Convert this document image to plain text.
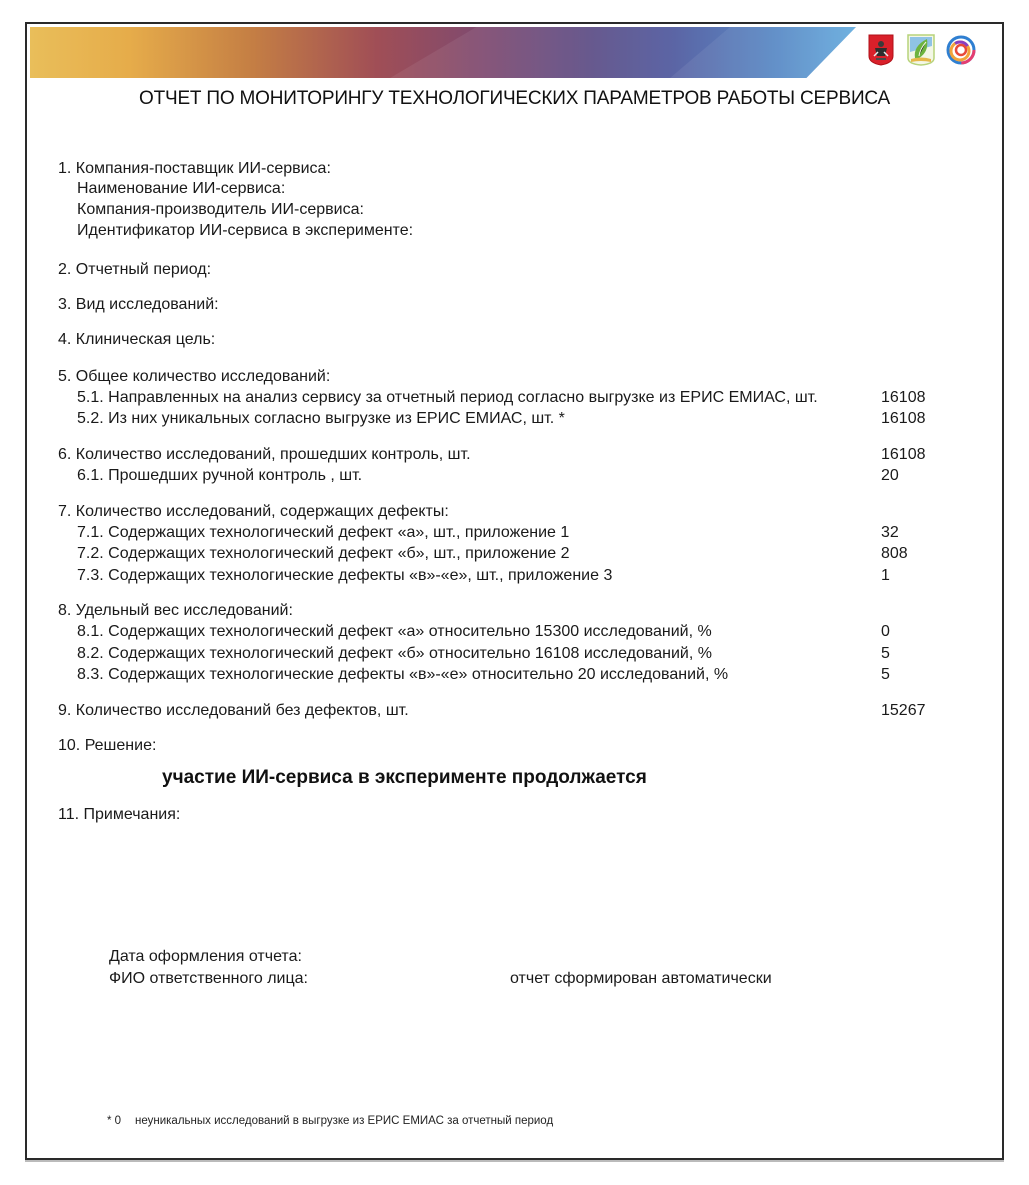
ОТЧЕТ ПО МОНИТОРИНГУ ТЕХНОЛОГИЧЕСКИХ ПАРАМЕТРОВ РАБОТЫ СЕРВИСА
1. Компания-поставщик ИИ-сервиса:
Наименование ИИ-сервиса:
Компания-производитель ИИ-сервиса:
Идентификатор ИИ-сервиса в эксперименте:
2. Отчетный период:
3. Вид исследований:
4. Клиническая цель:
5. Общее количество исследований:
5.1. Направленных на анализ сервису за отчетный период согласно выгрузке из ЕРИС ЕМИАС, шт.	16108
5.2. Из них уникальных согласно выгрузке из ЕРИС ЕМИАС, шт. *	16108
6. Количество исследований, прошедших контроль, шт.	16108
6.1. Прошедших ручной контроль , шт.	20
7. Количество исследований, содержащих дефекты:
7.1. Содержащих технологический дефект «а», шт., приложение 1	32
7.2. Содержащих технологический дефект «б», шт., приложение 2	808
7.3. Содержащих технологические дефекты «в»-«е», шт., приложение 3	1
8. Удельный вес исследований:
8.1. Содержащих технологический дефект «а» относительно 15300 исследований, %	0
8.2. Содержащих технологический дефект «б» относительно 16108 исследований, %	5
8.3. Содержащих технологические дефекты «в»-«е» относительно 20 исследований, %	5
9. Количество исследований без дефектов, шт.	15267
10. Решение:
участие ИИ-сервиса в эксперименте продолжается
11. Примечания:
Дата оформления отчета:
ФИО ответственного лица:	отчет сформирован автоматически
* 0 неуникальных исследований в выгрузке из ЕРИС ЕМИАС за отчетный период
